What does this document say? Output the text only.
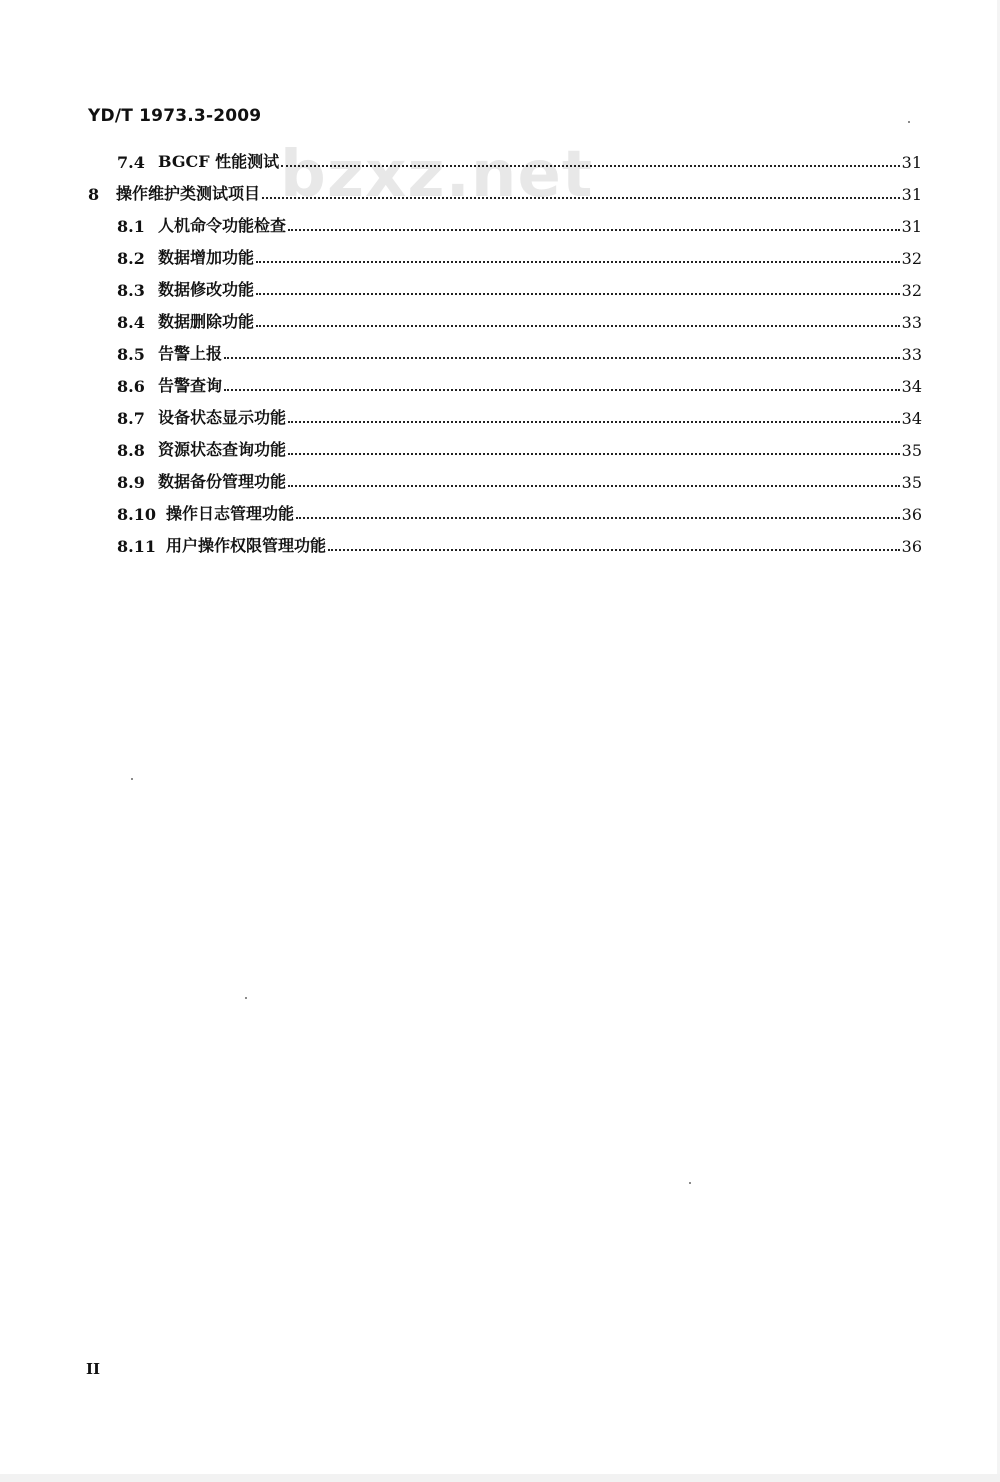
YD/T 1973.3-2009
bzxz.net
7.4 BGCF 性能测试	31
8	操作维护类测试项目	31
8.1 人机命令功能检查	31
8.2 数据增加功能	32
8.3 数据修改功能	32
8.4 数据删除功能	33
8.5 告警上报	33
8.6 告警查询	34
8.7 设备状态显示功能	34
8.8 资源状态查询功能	35
8.9 数据备份管理功能	35
8.10 操作日志管理功能	36
8.11 用户操作权限管理功能	36
II
